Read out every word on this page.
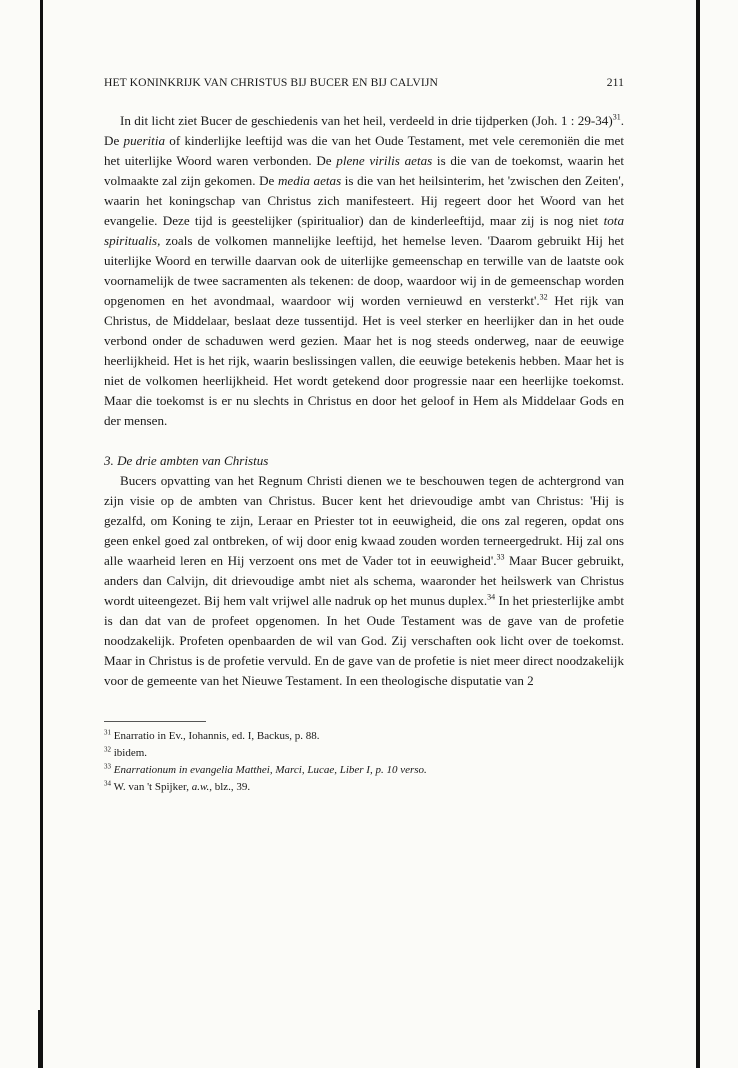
HET KONINKRIJK VAN CHRISTUS BIJ BUCER EN BIJ CALVIJN	211

In dit licht ziet Bucer de geschiedenis van het heil, verdeeld in drie tijdperken (Joh. 1 : 29-34)$^{31}$. De pueritia of kinderlijke leeftijd was die van het Oude Testament, met vele ceremoniën die met het uiterlijke Woord waren verbonden. De plene virilis aetas is die van de toekomst, waarin het volmaakte zal zijn gekomen. De media aetas is die van het heilsinterim, het 'zwischen den Zeiten', waarin het koningschap van Christus zich manifesteert. Hij regeert door het Woord van het evangelie. Deze tijd is geestelijker (spiritualior) dan de kinderleeftijd, maar zij is nog niet tota spiritualis, zoals de volkomen mannelijke leeftijd, het hemelse leven. 'Daarom gebruikt Hij het uiterlijke Woord en terwille daarvan ook de uiterlijke gemeenschap en terwille van de laatste ook voornamelijk de twee sacramenten als tekenen: de doop, waardoor wij in de gemeenschap worden opgenomen en het avondmaal, waardoor wij worden vernieuwd en versterkt'.$^{32}$ Het rijk van Christus, de Middelaar, beslaat deze tussentijd. Het is veel sterker en heerlijker dan in het oude verbond onder de schaduwen werd gezien. Maar het is nog steeds onderweg, naar de eeuwige heerlijkheid. Het is het rijk, waarin beslissingen vallen, die eeuwige betekenis hebben. Maar het is niet de volkomen heerlijkheid. Het wordt getekend door progressie naar een heerlijke toekomst. Maar die toekomst is er nu slechts in Christus en door het geloof in Hem als Middelaar Gods en der mensen.

3. De drie ambten van Christus

Bucers opvatting van het Regnum Christi dienen we te beschouwen tegen de achtergrond van zijn visie op de ambten van Christus. Bucer kent het drievoudige ambt van Christus: 'Hij is gezalfd, om Koning te zijn, Leraar en Priester tot in eeuwigheid, die ons zal regeren, opdat ons geen enkel goed zal ontbreken, of wij door enig kwaad zouden worden terneergedrukt. Hij zal ons alle waarheid leren en Hij verzoent ons met de Vader tot in eeuwigheid'.$^{33}$ Maar Bucer gebruikt, anders dan Calvijn, dit drievoudige ambt niet als schema, waaronder het heilswerk van Christus wordt uiteengezet. Bij hem valt vrijwel alle nadruk op het munus duplex.$^{34}$ In het priesterlijke ambt is dan dat van de profeet opgenomen. In het Oude Testament was de gave van de profetie noodzakelijk. Profeten openbaarden de wil van God. Zij verschaften ook licht over de toekomst. Maar in Christus is de profetie vervuld. En de gave van de profetie is niet meer direct noodzakelijk voor de gemeente van het Nieuwe Testament. In een theologische disputatie van 2

$^{31}$ Enarratio in Ev., Iohannis, ed. I, Backus, p. 88.
$^{32}$ ibidem.
$^{33}$ Enarrationum in evangelia Matthei, Marci, Lucae, Liber I, p. 10 verso.
$^{34}$ W. van 't Spijker, a.w., blz., 39.
